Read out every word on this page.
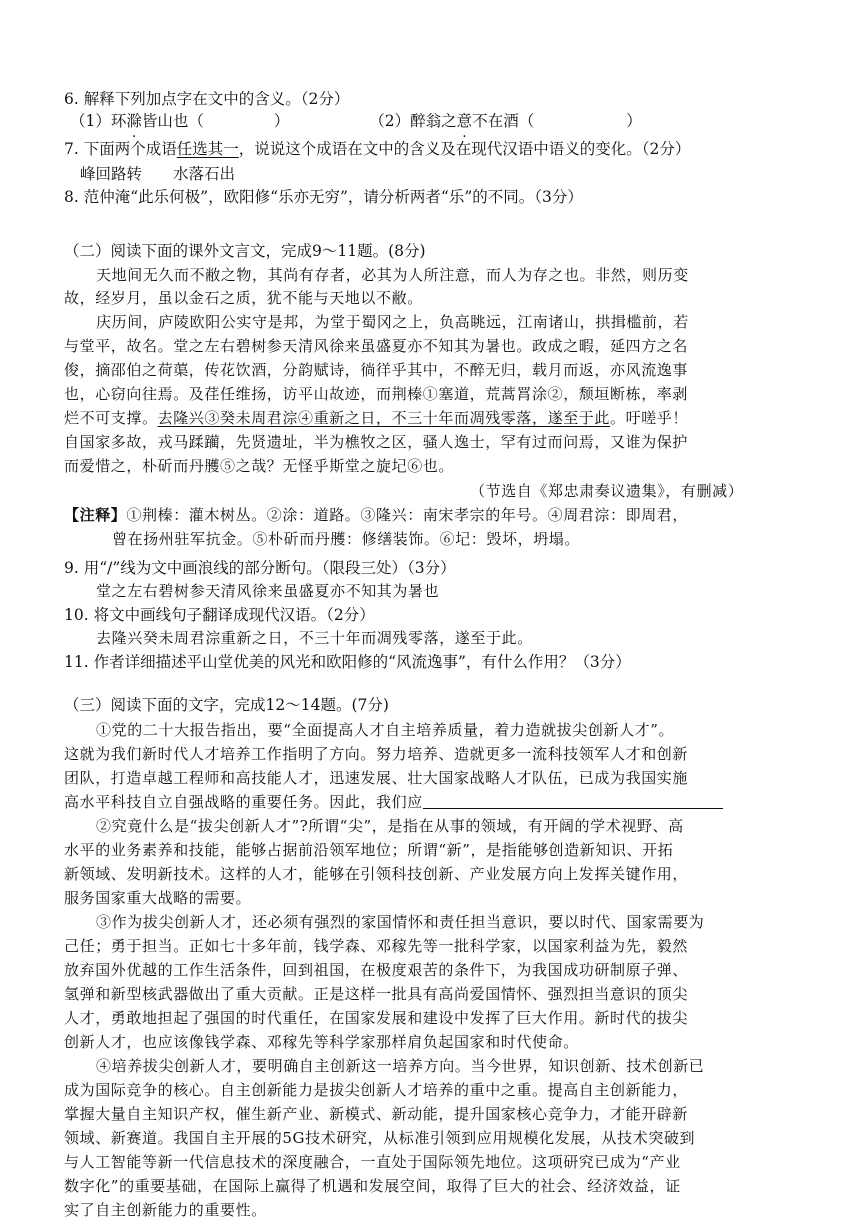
6. 解释下列加点字在文中的含义。（2分）
（1）环滁皆山也（	）	（2）醉翁之意不在酒（	）
7. 下面两个成语任选其一，说说这个成语在文中的含义及在现代汉语中语义的变化。（2分）
峰回路转　　水落石出
8. 范仲淹“此乐何极”，欧阳修“乐亦无穷”，请分析两者“乐”的不同。（3分）
（二）阅读下面的课外文言文，完成9～11题。(8分)
天地间无久而不敝之物，其尚有存者，必其为人所注意，而人为存之也。非然，则历变
故，经岁月，虽以金石之质，犹不能与天地以不敝。
庆历间，庐陵欧阳公实守是邦，为堂于蜀冈之上，负高眺远，江南诸山，拱揖槛前，若
与堂平，故名。堂之左右碧树参天清风徐来虽盛夏亦不知其为暑也。政成之暇，延四方之名
俊，摘邵伯之荷蕖，传花饮酒，分韵赋诗，徜徉乎其中，不醉无归，载月而返，亦风流逸事
也，心窃向往焉。及荏任维扬，访平山故迹，而荆榛①塞道，荒蒿罥涂②，颓垣断栋，率剥
烂不可支撑。去隆兴③癸未周君淙④重新之日，不三十年而凋残零落，遂至于此。吁嗟乎！
自国家多故，戎马蹂躏，先贤遗址，半为樵牧之区，骚人逸士，罕有过而问焉，又谁为保护
而爱惜之，朴斫而丹雘⑤之哉？无怪乎斯堂之旋圮⑥也。
（节选自《郑忠肃奏议遗集》，有删减）
【注释】①荆榛：灌木树丛。②涂：道路。③隆兴：南宋孝宗的年号。④周君淙：即周君，
曾在扬州驻军抗金。⑤朴斫而丹雘：修缮装饰。⑥圮：毁坏，坍塌。
9. 用“/”线为文中画浪线的部分断句。（限段三处）（3分）
堂之左右碧树参天清风徐来虽盛夏亦不知其为暑也
10. 将文中画线句子翻译成现代汉语。（2分）
去隆兴癸未周君淙重新之日，不三十年而凋残零落，遂至于此。
11. 作者详细描述平山堂优美的风光和欧阳修的“风流逸事”，有什么作用？（3分）
（三）阅读下面的文字，完成12～14题。(7分)
①党的二十大报告指出，要“全面提高人才自主培养质量，着力造就拔尖创新人才”。
这就为我们新时代人才培养工作指明了方向。努力培养、造就更多一流科技领军人才和创新
团队，打造卓越工程师和高技能人才，迅速发展、壮大国家战略人才队伍，已成为我国实施
高水平科技自立自强战略的重要任务。因此，我们应
②究竟什么是“拔尖创新人才”?所谓“尖”，是指在从事的领域，有开阔的学术视野、高
水平的业务素养和技能，能够占据前沿领军地位；所谓“新”，是指能够创造新知识、开拓
新领域、发明新技术。这样的人才，能够在引领科技创新、产业发展方向上发挥关键作用，
服务国家重大战略的需要。
③作为拔尖创新人才，还必须有强烈的家国情怀和责任担当意识，要以时代、国家需要为
己任；勇于担当。正如七十多年前，钱学森、邓稼先等一批科学家，以国家利益为先，毅然
放弃国外优越的工作生活条件，回到祖国，在极度艰苦的条件下，为我国成功研制原子弹、
氢弹和新型核武器做出了重大贡献。正是这样一批具有高尚爱国情怀、强烈担当意识的顶尖
人才，勇敢地担起了强国的时代重任，在国家发展和建设中发挥了巨大作用。新时代的拔尖
创新人才，也应该像钱学森、邓稼先等科学家那样肩负起国家和时代使命。
④培养拔尖创新人才，要明确自主创新这一培养方向。当今世界，知识创新、技术创新已
成为国际竞争的核心。自主创新能力是拔尖创新人才培养的重中之重。提高自主创新能力，
掌握大量自主知识产权，催生新产业、新模式、新动能，提升国家核心竞争力，才能开辟新
领域、新赛道。我国自主开展的5G技术研究，从标准引领到应用规模化发展，从技术突破到
与人工智能等新一代信息技术的深度融合，一直处于国际领先地位。这项研究已成为“产业
数字化”的重要基础，在国际上赢得了机遇和发展空间，取得了巨大的社会、经济效益，证
实了自主创新能力的重要性。
